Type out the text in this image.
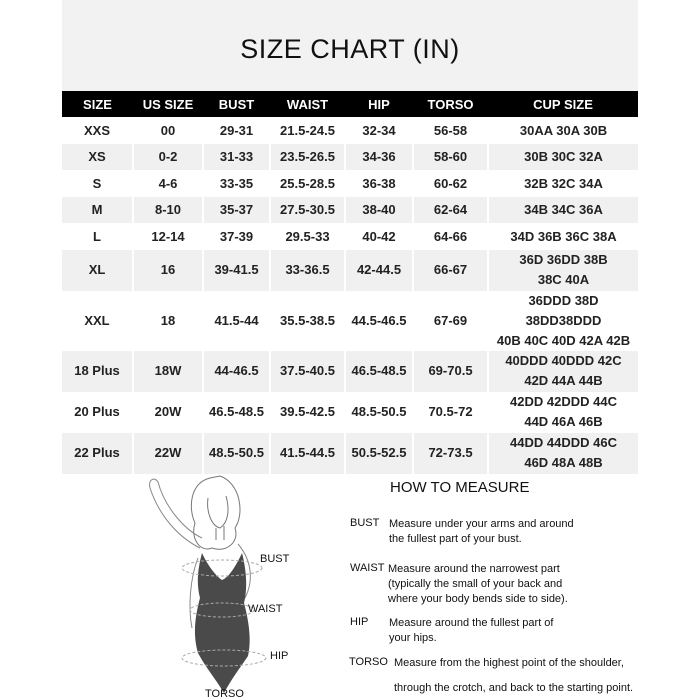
SIZE CHART (IN)
SIZE	US SIZE	BUST	WAIST	HIP	TORSO	CUP SIZE
XXS	00	29-31	21.5-24.5	32-34	56-58	30AA 30A 30B
XS	0-2	31-33	23.5-26.5	34-36	58-60	30B 30C 32A
S	4-6	33-35	25.5-28.5	36-38	60-62	32B 32C 34A
M	8-10	35-37	27.5-30.5	38-40	62-64	34B 34C 36A
L	12-14	37-39	29.5-33	40-42	64-66	34D 36B 36C 38A
XL	16	39-41.5	33-36.5	42-44.5	66-67	36D 36DD 38B
38C 40A
XXL	18	41.5-44	35.5-38.5	44.5-46.5	67-69	36DDD 38D 38DD38DDD
40B 40C 40D 42A 42B
18 Plus	18W	44-46.5	37.5-40.5	46.5-48.5	69-70.5	40DDD 40DDD 42C
42D 44A 44B
20 Plus	20W	46.5-48.5	39.5-42.5	48.5-50.5	70.5-72	42DD 42DDD 44C
44D 46A 46B
22 Plus	22W	48.5-50.5	41.5-44.5	50.5-52.5	72-73.5	44DD 44DDD 46C
46D 48A 48B
BUST
WAIST
HIP
TORSO
HOW TO MEASURE
BUST Measure under your arms and around
the fullest part of your bust.
WAIST Measure around the narrowest part
(typically the small of your back and
where your body bends side to side).
HIP Measure around the fullest part of
your hips.
TORSO Measure from the highest point of the shoulder,
through the crotch, and back to the starting point.
